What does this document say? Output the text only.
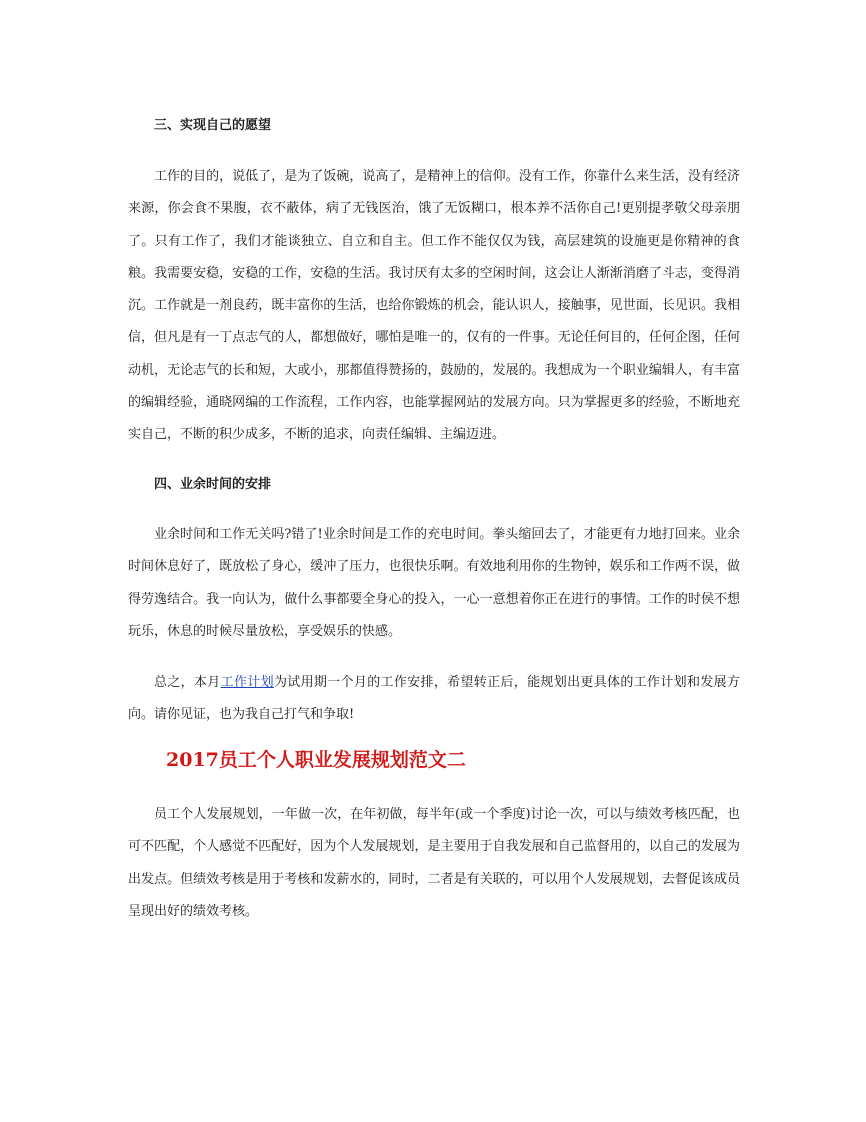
三、实现自己的愿望

工作的目的，说低了，是为了饭碗，说高了，是精神上的信仰。没有工作，你靠什么来生活，没有经济来源，你会食不果腹，衣不蔽体，病了无钱医治，饿了无饭糊口，根本养不活你自己!更别提孝敬父母亲朋了。只有工作了，我们才能谈独立、自立和自主。但工作不能仅仅为钱，高层建筑的设施更是你精神的食粮。我需要安稳，安稳的工作，安稳的生活。我讨厌有太多的空闲时间，这会让人渐渐消磨了斗志，变得消沉。工作就是一剂良药，既丰富你的生活，也给你锻炼的机会，能认识人，接触事，见世面，长见识。我相信，但凡是有一丁点志气的人，都想做好，哪怕是唯一的，仅有的一件事。无论任何目的，任何企图，任何动机，无论志气的长和短，大或小，那都值得赞扬的，鼓励的，发展的。我想成为一个职业编辑人，有丰富的编辑经验，通晓网编的工作流程，工作内容，也能掌握网站的发展方向。只为掌握更多的经验，不断地充实自己，不断的积少成多，不断的追求，向责任编辑、主编迈进。

四、业余时间的安排

业余时间和工作无关吗?错了!业余时间是工作的充电时间。拳头缩回去了，才能更有力地打回来。业余时间休息好了，既放松了身心，缓冲了压力，也很快乐啊。有效地利用你的生物钟，娱乐和工作两不误，做得劳逸结合。我一向认为，做什么事都要全身心的投入，一心一意想着你正在进行的事情。工作的时侯不想玩乐，休息的时候尽量放松，享受娱乐的快感。

总之，本月工作计划为试用期一个月的工作安排，希望转正后，能规划出更具体的工作计划和发展方向。请你见证，也为我自己打气和争取!

2017员工个人职业发展规划范文二

员工个人发展规划，一年做一次，在年初做，每半年(或一个季度)讨论一次，可以与绩效考核匹配，也可不匹配，个人感觉不匹配好，因为个人发展规划，是主要用于自我发展和自己监督用的，以自己的发展为出发点。但绩效考核是用于考核和发薪水的，同时，二者是有关联的，可以用个人发展规划，去督促该成员呈现出好的绩效考核。
